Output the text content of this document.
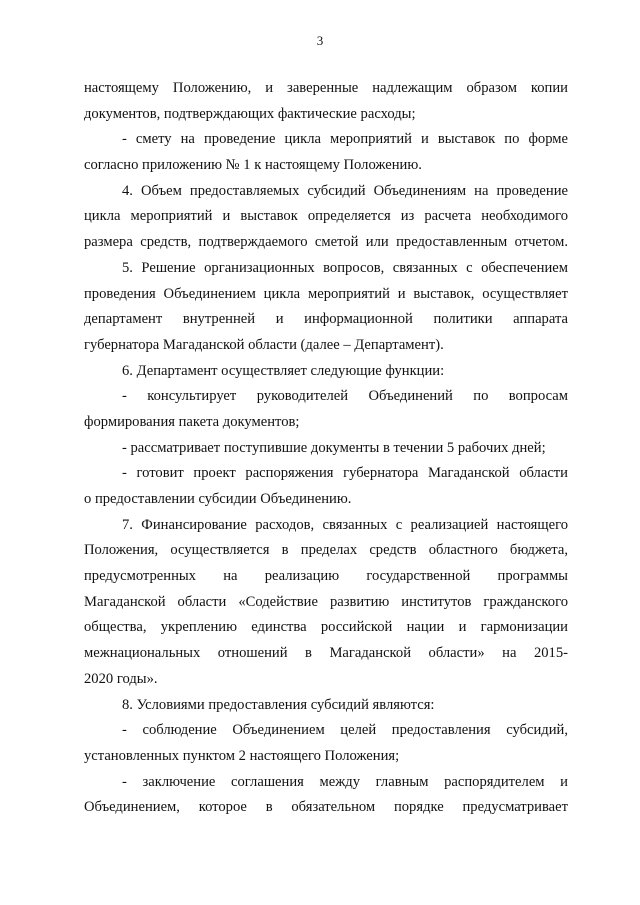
3
настоящему Положению, и заверенные надлежащим образом копии
документов, подтверждающих фактические расходы;
- смету на проведение цикла мероприятий и выставок по форме
согласно приложению № 1 к настоящему Положению.
4. Объем предоставляемых субсидий Объединениям на проведение
цикла мероприятий и выставок определяется из расчета необходимого
размера средств, подтверждаемого сметой или предоставленным отчетом.
5. Решение организационных вопросов, связанных с обеспечением
проведения Объединением цикла мероприятий и выставок, осуществляет
департамент внутренней и информационной политики аппарата
губернатора Магаданской области (далее – Департамент).
6. Департамент осуществляет следующие функции:
- консультирует руководителей Объединений по вопросам
формирования пакета документов;
- рассматривает поступившие документы в течении 5 рабочих дней;
- готовит проект распоряжения губернатора Магаданской области
о предоставлении субсидии Объединению.
7. Финансирование расходов, связанных с реализацией настоящего
Положения, осуществляется в пределах средств областного бюджета,
предусмотренных на реализацию государственной программы
Магаданской области «Содействие развитию институтов гражданского
общества, укреплению единства российской нации и гармонизации
межнациональных отношений в Магаданской области» на 2015-
2020 годы».
8. Условиями предоставления субсидий являются:
- соблюдение Объединением целей предоставления субсидий,
установленных пунктом 2 настоящего Положения;
- заключение соглашения между главным распорядителем и
Объединением, которое в обязательном порядке предусматривает
